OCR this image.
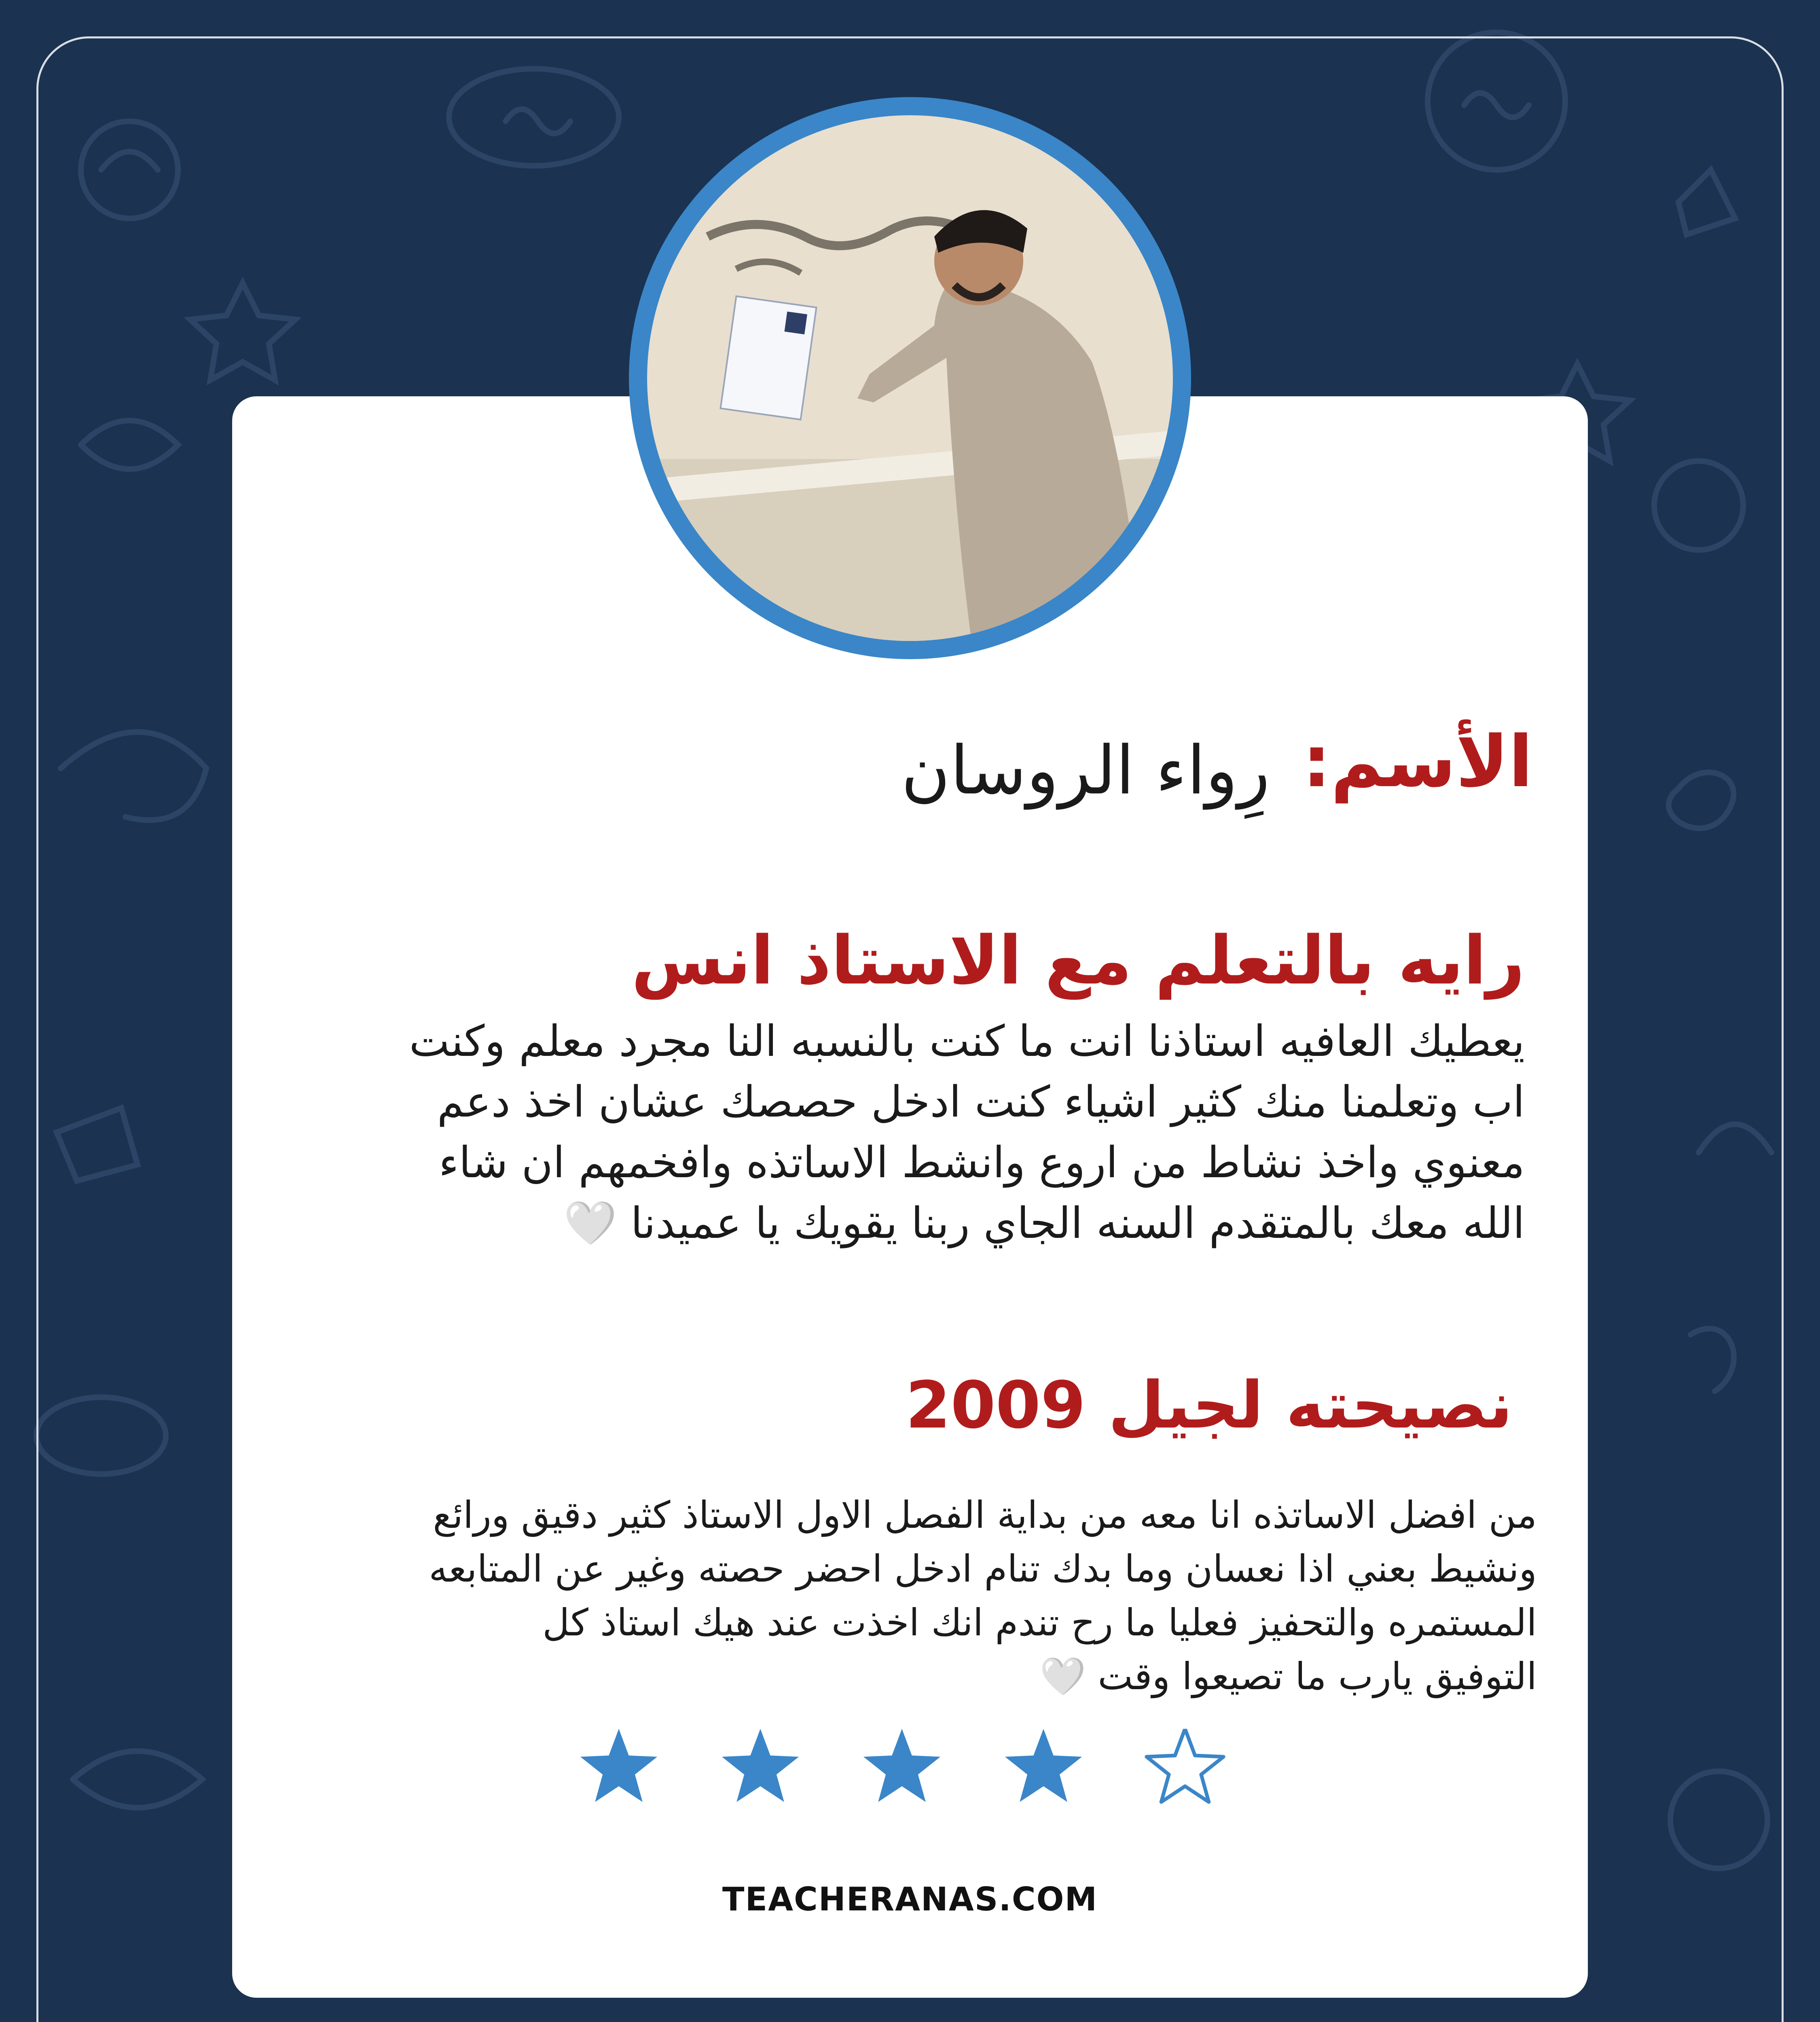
الأسم:
رِواء الروسان
رايه بالتعلم مع الاستاذ انس

يعطيك العافيه استاذنا انت ما كنت بالنسبه النا مجرد معلم وكنت اب وتعلمنا منك كثير اشياء كنت ادخل حصصك عشان اخذ دعم معنوي واخذ نشاط من اروع وانشط الاساتذه وافخمهم ان شاء الله معك بالمتقدم السنه الجاي ربنا يقويك يا عميدنا 🤍

نصيحته لجيل 2009

من افضل الاساتذه انا معه من بداية الفصل الاول الاستاذ كثير دقيق ورائع ونشيط بعني اذا نعسان وما بدك تنام ادخل احضر حصته وغير عن المتابعه المستمره والتحفيز فعليا ما رح تندم انك اخذت عند هيك استاذ كل التوفيق يارب ما تصيعوا وقت 🤍

TEACHERANAS.COM
